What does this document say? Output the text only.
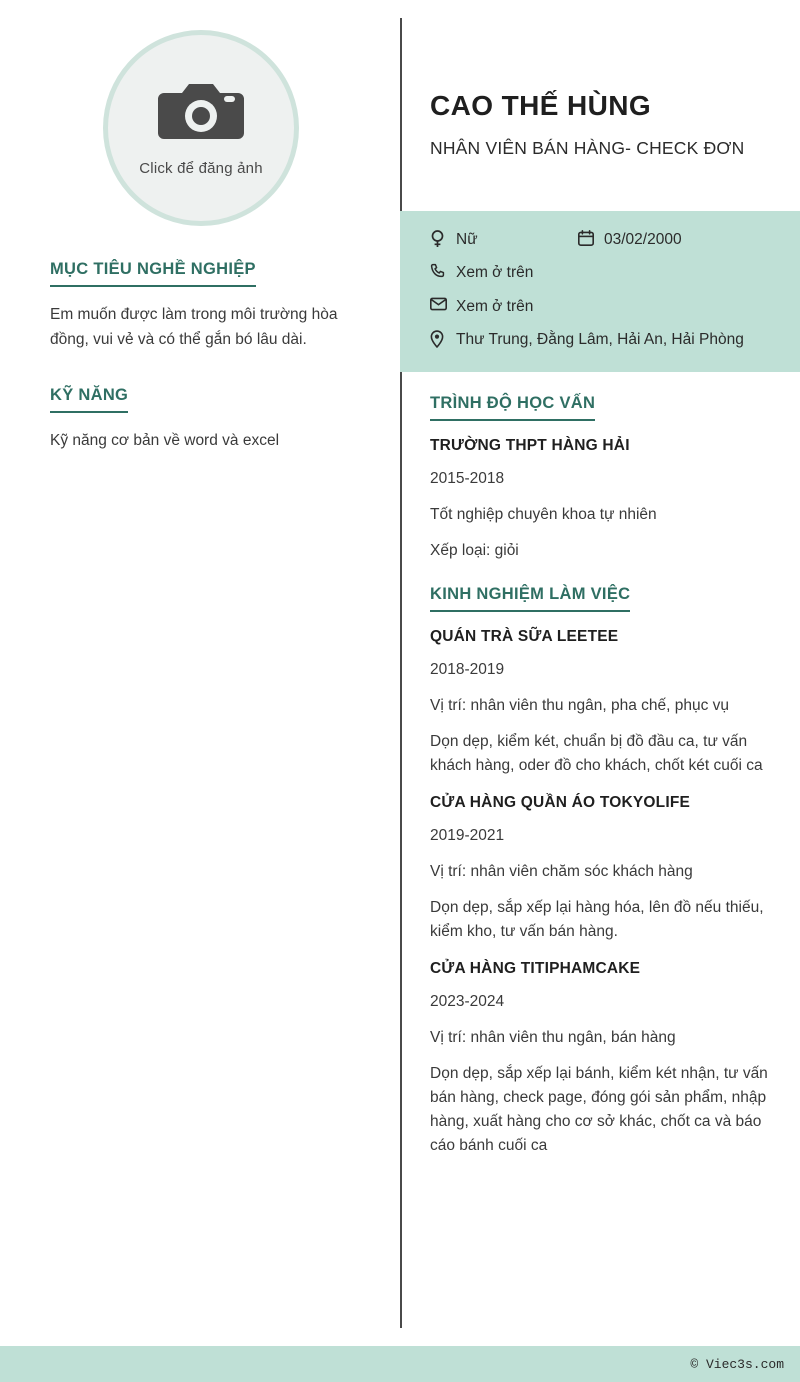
Click để đăng ảnh
MỤC TIÊU NGHỀ NGHIỆP
Em muốn được làm trong môi trường hòa đồng, vui vẻ và có thể gắn bó lâu dài.
KỸ NĂNG
Kỹ năng cơ bản về word và excel
CAO THẾ HÙNG
NHÂN VIÊN BÁN HÀNG- CHECK ĐƠN
Nữ	03/02/2000
Xem ở trên
Xem ở trên
Thư Trung, Đằng Lâm, Hải An, Hải Phòng
TRÌNH ĐỘ HỌC VẤN
TRƯỜNG THPT HÀNG HẢI
2015-2018
Tốt nghiệp chuyên khoa tự nhiên
Xếp loại: giỏi
KINH NGHIỆM LÀM VIỆC
QUÁN TRÀ SỮA LEETEE
2018-2019
Vị trí: nhân viên thu ngân, pha chế, phục vụ
Dọn dẹp, kiểm két, chuẩn bị đồ đầu ca, tư vấn khách hàng, oder đồ cho khách, chốt két cuối ca
CỬA HÀNG QUẦN ÁO TOKYOLIFE
2019-2021
Vị trí: nhân viên chăm sóc khách hàng
Dọn dẹp, sắp xếp lại hàng hóa, lên đồ nếu thiếu, kiểm kho, tư vấn bán hàng.
CỬA HÀNG TITIPHAMCAKE
2023-2024
Vị trí: nhân viên thu ngân, bán hàng
Dọn dẹp, sắp xếp lại bánh, kiểm két nhận, tư vấn bán hàng, check page, đóng gói sản phẩm, nhập hàng, xuất hàng cho cơ sở khác, chốt ca và báo cáo bánh cuối ca
© Viec3s.com
